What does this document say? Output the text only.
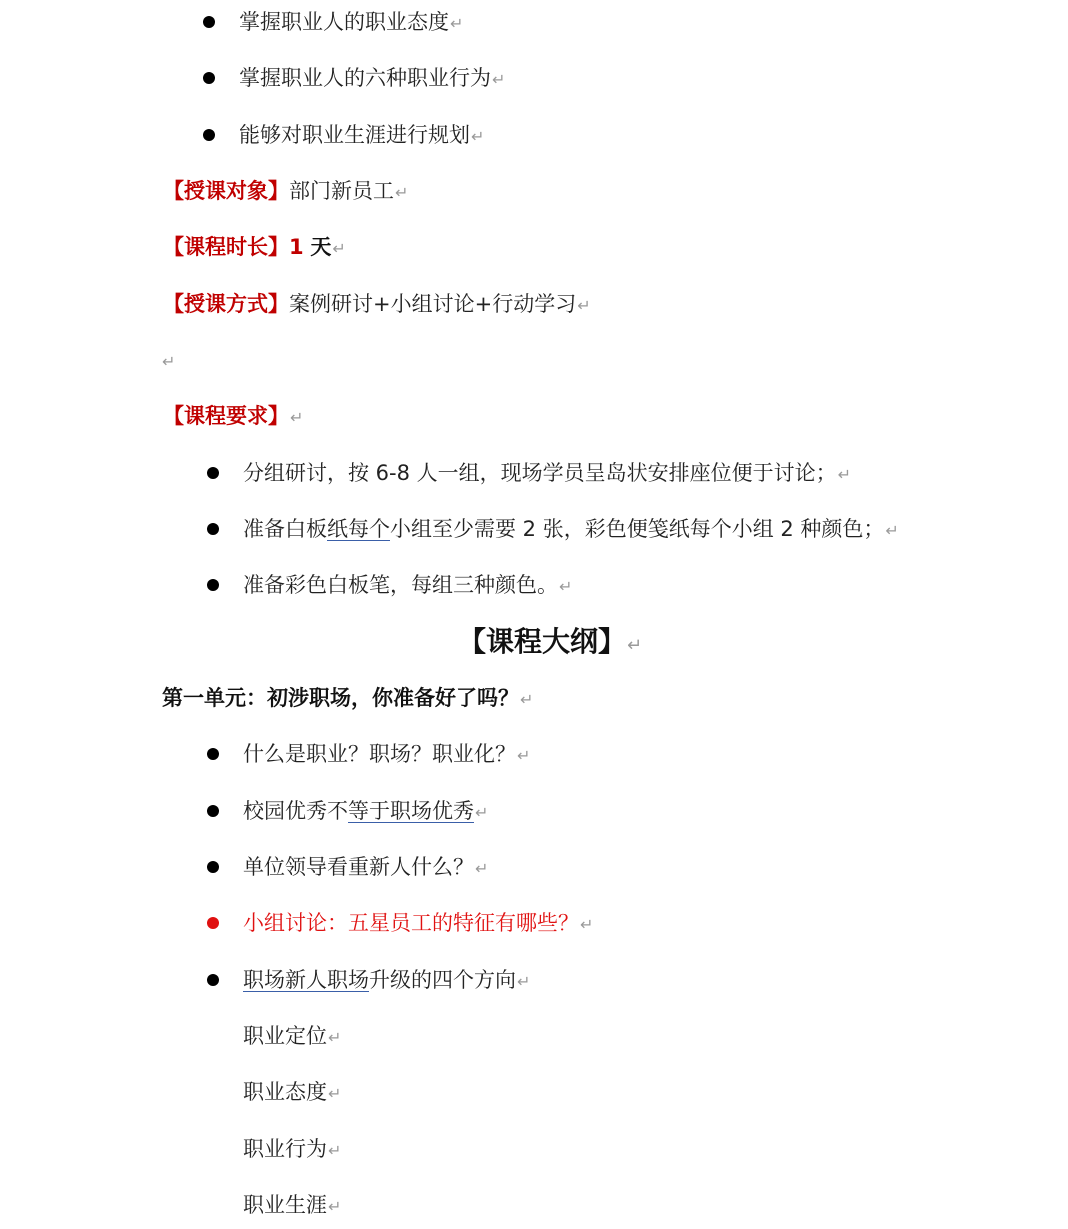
掌握职业人的职业态度↵
掌握职业人的六种职业行为↵
能够对职业生涯进行规划↵
【授课对象】部门新员工↵
【课程时长】1 天↵
【授课方式】案例研讨+小组讨论+行动学习↵
↵
【课程要求】↵
分组研讨，按 6-8 人一组，现场学员呈岛状安排座位便于讨论；↵
准备白板纸每个小组至少需要 2 张，彩色便笺纸每个小组 2 种颜色；↵
准备彩色白板笔，每组三种颜色。↵
【课程大纲】↵
第一单元：初涉职场，你准备好了吗？↵
什么是职业？职场？职业化？↵
校园优秀不等于职场优秀↵
单位领导看重新人什么？↵
小组讨论：五星员工的特征有哪些？↵
职场新人职场升级的四个方向↵
职业定位↵
职业态度↵
职业行为↵
职业生涯↵
